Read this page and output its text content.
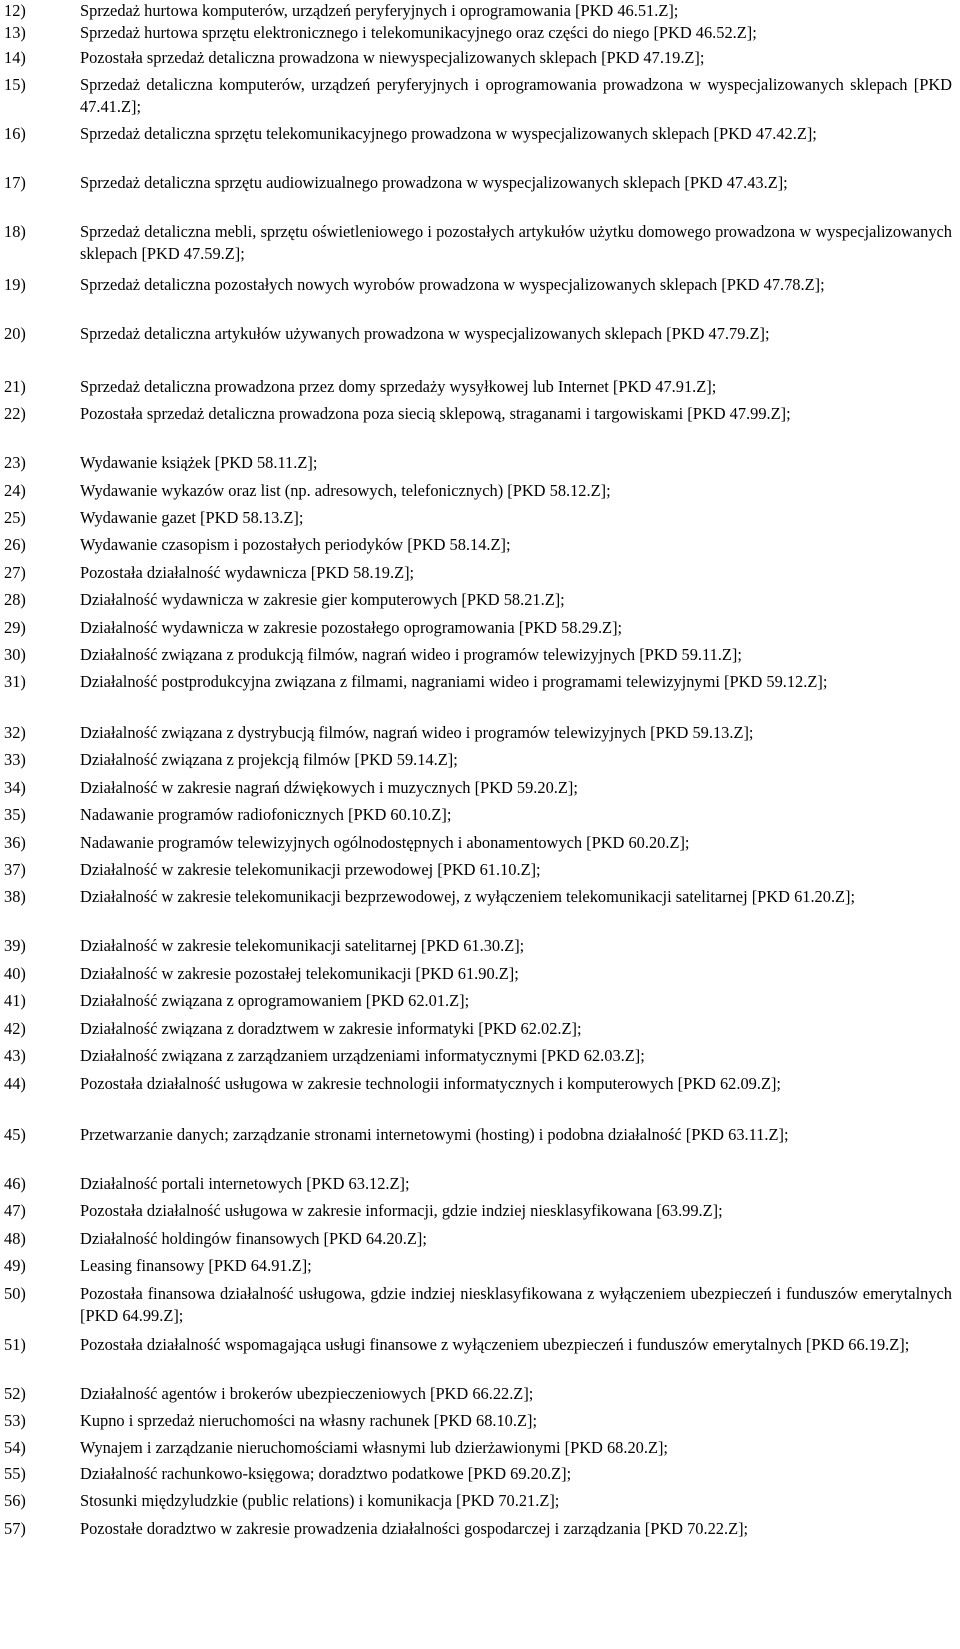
12)	Sprzedaż hurtowa komputerów, urządzeń peryferyjnych i oprogramowania [PKD 46.51.Z];
13)	Sprzedaż hurtowa sprzętu elektronicznego i telekomunikacyjnego oraz części do niego [PKD 46.52.Z];
14)	Pozostała sprzedaż detaliczna prowadzona w niewyspecjalizowanych sklepach [PKD 47.19.Z];
15)	Sprzedaż detaliczna komputerów, urządzeń peryferyjnych i oprogramowania prowadzona w wyspecjalizowanych sklepach [PKD 47.41.Z];
16)	Sprzedaż detaliczna sprzętu telekomunikacyjnego prowadzona w wyspecjalizowanych sklepach [PKD 47.42.Z];
17)	Sprzedaż detaliczna sprzętu audiowizualnego prowadzona w wyspecjalizowanych sklepach [PKD 47.43.Z];
18)	Sprzedaż detaliczna mebli, sprzętu oświetleniowego i pozostałych artykułów użytku domowego prowadzona w wyspecjalizowanych sklepach [PKD 47.59.Z];
19)	Sprzedaż detaliczna pozostałych nowych wyrobów prowadzona w wyspecjalizowanych sklepach [PKD 47.78.Z];
20)	Sprzedaż detaliczna artykułów używanych prowadzona w wyspecjalizowanych sklepach [PKD 47.79.Z];
21)	Sprzedaż detaliczna prowadzona przez domy sprzedaży wysyłkowej lub Internet [PKD 47.91.Z];
22)	Pozostała sprzedaż detaliczna prowadzona poza siecią sklepową, straganami i targowiskami [PKD 47.99.Z];
23)	Wydawanie książek [PKD 58.11.Z];
24)	Wydawanie wykazów oraz list (np. adresowych, telefonicznych) [PKD 58.12.Z];
25)	Wydawanie gazet [PKD 58.13.Z];
26)	Wydawanie czasopism i pozostałych periodyków [PKD 58.14.Z];
27)	Pozostała działalność wydawnicza [PKD 58.19.Z];
28)	Działalność wydawnicza w zakresie gier komputerowych [PKD 58.21.Z];
29)	Działalność wydawnicza w zakresie pozostałego oprogramowania [PKD 58.29.Z];
30)	Działalność związana z produkcją filmów, nagrań wideo i programów telewizyjnych [PKD 59.11.Z];
31)	Działalność postprodukcyjna związana z filmami, nagraniami wideo i programami telewizyjnymi [PKD 59.12.Z];
32)	Działalność związana z dystrybucją filmów, nagrań wideo i programów telewizyjnych [PKD 59.13.Z];
33)	Działalność związana z projekcją filmów [PKD 59.14.Z];
34)	Działalność w zakresie nagrań dźwiękowych i muzycznych [PKD 59.20.Z];
35)	Nadawanie programów radiofonicznych [PKD 60.10.Z];
36)	Nadawanie programów telewizyjnych ogólnodostępnych i abonamentowych [PKD 60.20.Z];
37)	Działalność w zakresie telekomunikacji przewodowej [PKD 61.10.Z];
38)	Działalność w zakresie telekomunikacji bezprzewodowej, z wyłączeniem telekomunikacji satelitarnej [PKD 61.20.Z];
39)	Działalność w zakresie telekomunikacji satelitarnej [PKD 61.30.Z];
40)	Działalność w zakresie pozostałej telekomunikacji [PKD 61.90.Z];
41)	Działalność związana z oprogramowaniem [PKD 62.01.Z];
42)	Działalność związana z doradztwem w zakresie informatyki [PKD 62.02.Z];
43)	Działalność związana z zarządzaniem urządzeniami informatycznymi [PKD 62.03.Z];
44)	Pozostała działalność usługowa w zakresie technologii informatycznych i komputerowych [PKD 62.09.Z];
45)	Przetwarzanie danych; zarządzanie stronami internetowymi (hosting) i podobna działalność [PKD 63.11.Z];
46)	Działalność portali internetowych [PKD 63.12.Z];
47)	Pozostała działalność usługowa w zakresie informacji, gdzie indziej niesklasyfikowana [63.99.Z];
48)	Działalność holdingów finansowych [PKD 64.20.Z];
49)	Leasing finansowy [PKD 64.91.Z];
50)	Pozostała finansowa działalność usługowa, gdzie indziej niesklasyfikowana z wyłączeniem ubezpieczeń i funduszów emerytalnych [PKD 64.99.Z];
51)	Pozostała działalność wspomagająca usługi finansowe z wyłączeniem ubezpieczeń i funduszów emerytalnych [PKD 66.19.Z];
52)	Działalność agentów i brokerów ubezpieczeniowych [PKD 66.22.Z];
53)	Kupno i sprzedaż nieruchomości na własny rachunek [PKD 68.10.Z];
54)	Wynajem i zarządzanie nieruchomościami własnymi lub dzierżawionymi [PKD 68.20.Z];
55)	Działalność rachunkowo-księgowa; doradztwo podatkowe [PKD 69.20.Z];
56)	Stosunki międzyludzkie (public relations) i komunikacja [PKD 70.21.Z];
57)	Pozostałe doradztwo w zakresie prowadzenia działalności gospodarczej i zarządzania [PKD 70.22.Z];
